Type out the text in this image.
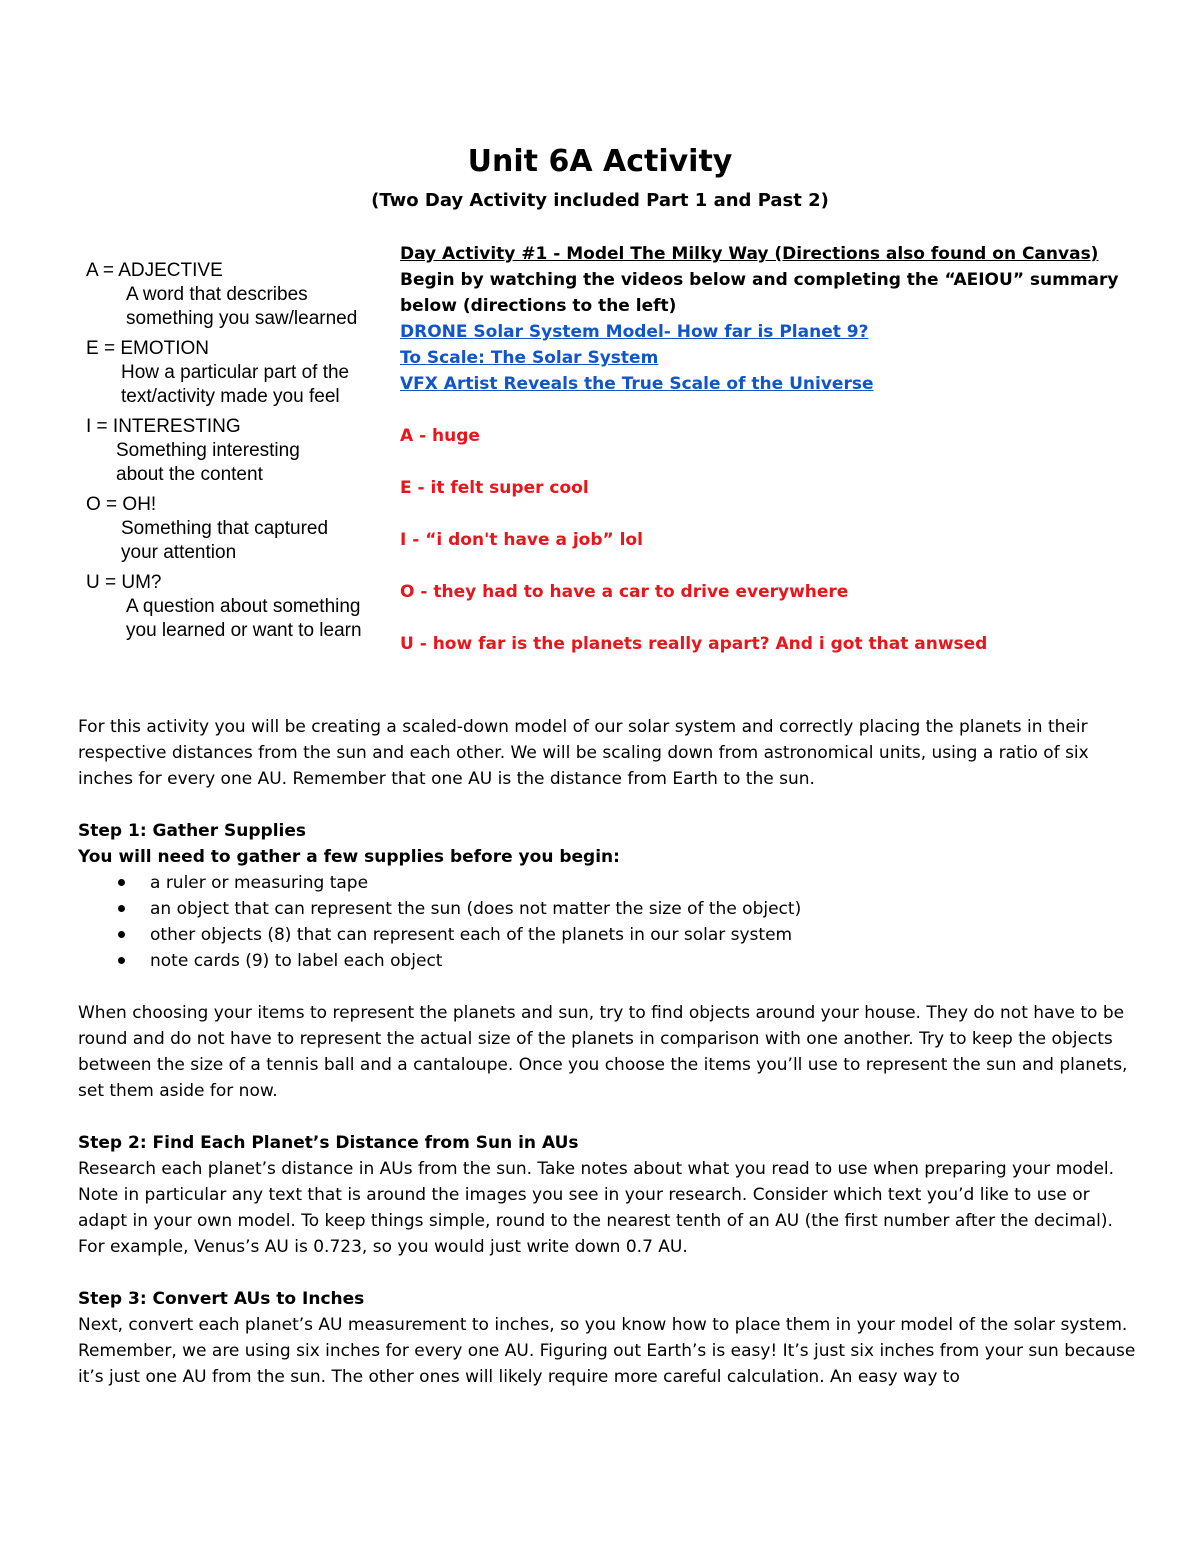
Unit 6A Activity
(Two Day Activity included Part 1 and Past 2)

A = ADJECTIVE

A word that describes

something you saw/learned

E = EMOTION

How a particular part of the

text/activity made you feel

I = INTERESTING

Something interesting

about the content

O = OH!

Something that captured

your attention

U = UM?

A question about something

you learned or want to learn

Day Activity #1 - Model The Milky Way (Directions also found on Canvas)
Begin by watching the videos below and completing the “AEIOU” summary below (directions to the left)
DRONE Solar System Model- How far is Planet 9?
To Scale: The Solar System
VFX Artist Reveals the True Scale of the Universe
A - huge
E - it felt super cool
I - “i don't have a job” lol
O - they had to have a car to drive everywhere
U - how far is the planets really apart? And i got that anwsed

For this activity you will be creating a scaled-down model of our solar system and correctly placing the planets in their respective distances from the sun and each other. We will be scaling down from astronomical units, using a ratio of six inches for every one AU. Remember that one AU is the distance from Earth to the sun.

Step 1: Gather Supplies

You will need to gather a few supplies before you begin:

a ruler or measuring tape
an object that can represent the sun (does not matter the size of the object)
other objects (8) that can represent each of the planets in our solar system
note cards (9) to label each object

When choosing your items to represent the planets and sun, try to find objects around your house. They do not have to be round and do not have to represent the actual size of the planets in comparison with one another. Try to keep the objects between the size of a tennis ball and a cantaloupe. Once you choose the items you’ll use to represent the sun and planets, set them aside for now.

Step 2: Find Each Planet’s Distance from Sun in AUs

Research each planet’s distance in AUs from the sun. Take notes about what you read to use when preparing your model. Note in particular any text that is around the images you see in your research. Consider which text you’d like to use or adapt in your own model. To keep things simple, round to the nearest tenth of an AU (the first number after the decimal). For example, Venus’s AU is 0.723, so you would just write down 0.7 AU.

Step 3: Convert AUs to Inches

Next, convert each planet’s AU measurement to inches, so you know how to place them in your model of the solar system. Remember, we are using six inches for every one AU. Figuring out Earth’s is easy! It’s just six inches from your sun because it’s just one AU from the sun. The other ones will likely require more careful calculation. An easy way to
